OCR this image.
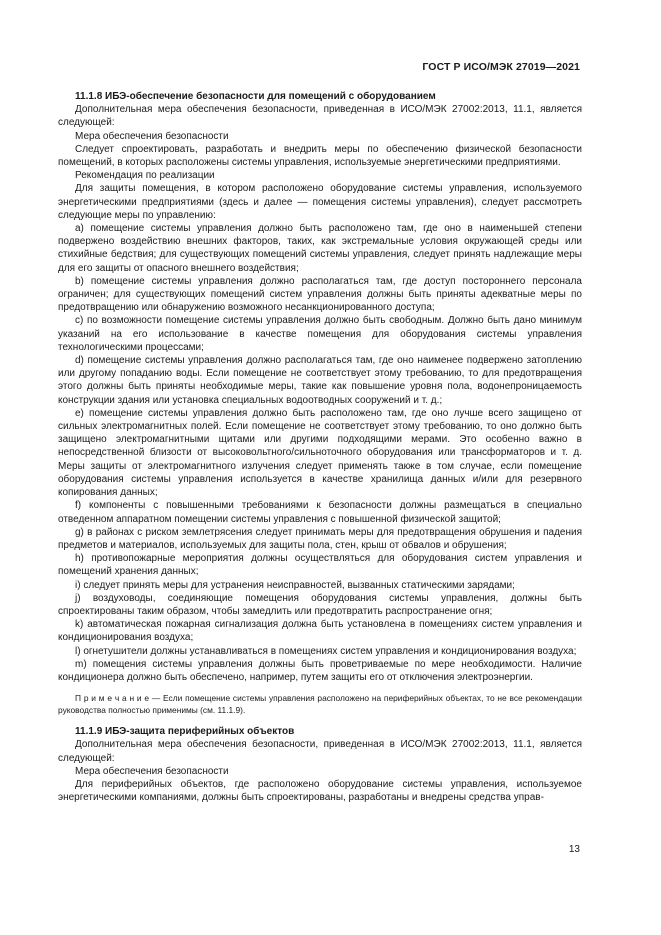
ГОСТ Р ИСО/МЭК 27019—2021

11.1.8 ИБЭ-обеспечение безопасности для помещений с оборудованием

Дополнительная мера обеспечения безопасности, приведенная в ИСО/МЭК 27002:2013, 11.1, является следующей:

Мера обеспечения безопасности

Следует спроектировать, разработать и внедрить меры по обеспечению физической безопасности помещений, в которых расположены системы управления, используемые энергетическими предприятиями.

Рекомендация по реализации

Для защиты помещения, в котором расположено оборудование системы управления, используемого энергетическими предприятиями (здесь и далее — помещения системы управления), следует рассмотреть следующие меры по управлению:

a) помещение системы управления должно быть расположено там, где оно в наименьшей степени подвержено воздействию внешних факторов, таких, как экстремальные условия окружающей среды или стихийные бедствия; для существующих помещений системы управления, следует принять надлежащие меры для его защиты от опасного внешнего воздействия;

b) помещение системы управления должно располагаться там, где доступ постороннего персонала ограничен; для существующих помещений систем управления должны быть приняты адекватные меры по предотвращению или обнаружению возможного несанкционированного доступа;

c) по возможности помещение системы управления должно быть свободным. Должно быть дано минимум указаний на его использование в качестве помещения для оборудования системы управления технологическими процессами;

d) помещение системы управления должно располагаться там, где оно наименее подвержено затоплению или другому попаданию воды. Если помещение не соответствует этому требованию, то для предотвращения этого должны быть приняты необходимые меры, такие как повышение уровня пола, водонепроницаемость конструкции здания или установка специальных водоотводных сооружений и т. д.;

e) помещение системы управления должно быть расположено там, где оно лучше всего защищено от сильных электромагнитных полей. Если помещение не соответствует этому требованию, то оно должно быть защищено электромагнитными щитами или другими подходящими мерами. Это особенно важно в непосредственной близости от высоковольтного/сильноточного оборудования или трансформаторов и т. д. Меры защиты от электромагнитного излучения следует применять также в том случае, если помещение оборудования системы управления используется в качестве хранилища данных и/или для резервного копирования данных;

f) компоненты с повышенными требованиями к безопасности должны размещаться в специально отведенном аппаратном помещении системы управления с повышенной физической защитой;

g) в районах с риском землетрясения следует принимать меры для предотвращения обрушения и падения предметов и материалов, используемых для защиты пола, стен, крыш от обвалов и обрушения;

h) противопожарные мероприятия должны осуществляться для оборудования систем управления и помещений хранения данных;

i) следует принять меры для устранения неисправностей, вызванных статическими зарядами;

j) воздуховоды, соединяющие помещения оборудования системы управления, должны быть спроектированы таким образом, чтобы замедлить или предотвратить распространение огня;

k) автоматическая пожарная сигнализация должна быть установлена в помещениях систем управления и кондиционирования воздуха;

l) огнетушители должны устанавливаться в помещениях систем управления и кондиционирования воздуха;

m) помещения системы управления должны быть проветриваемые по мере необходимости. Наличие кондиционера должно быть обеспечено, например, путем защиты его от отключения электроэнергии.

П р и м е ч а н и е — Если помещение системы управления расположено на периферийных объектах, то не все рекомендации руководства полностью применимы (см. 11.1.9).

11.1.9 ИБЭ-защита периферийных объектов

Дополнительная мера обеспечения безопасности, приведенная в ИСО/МЭК 27002:2013, 11.1, является следующей:

Мера обеспечения безопасности

Для периферийных объектов, где расположено оборудование системы управления, используемое энергетическими компаниями, должны быть спроектированы, разработаны и внедрены средства управ-

13
